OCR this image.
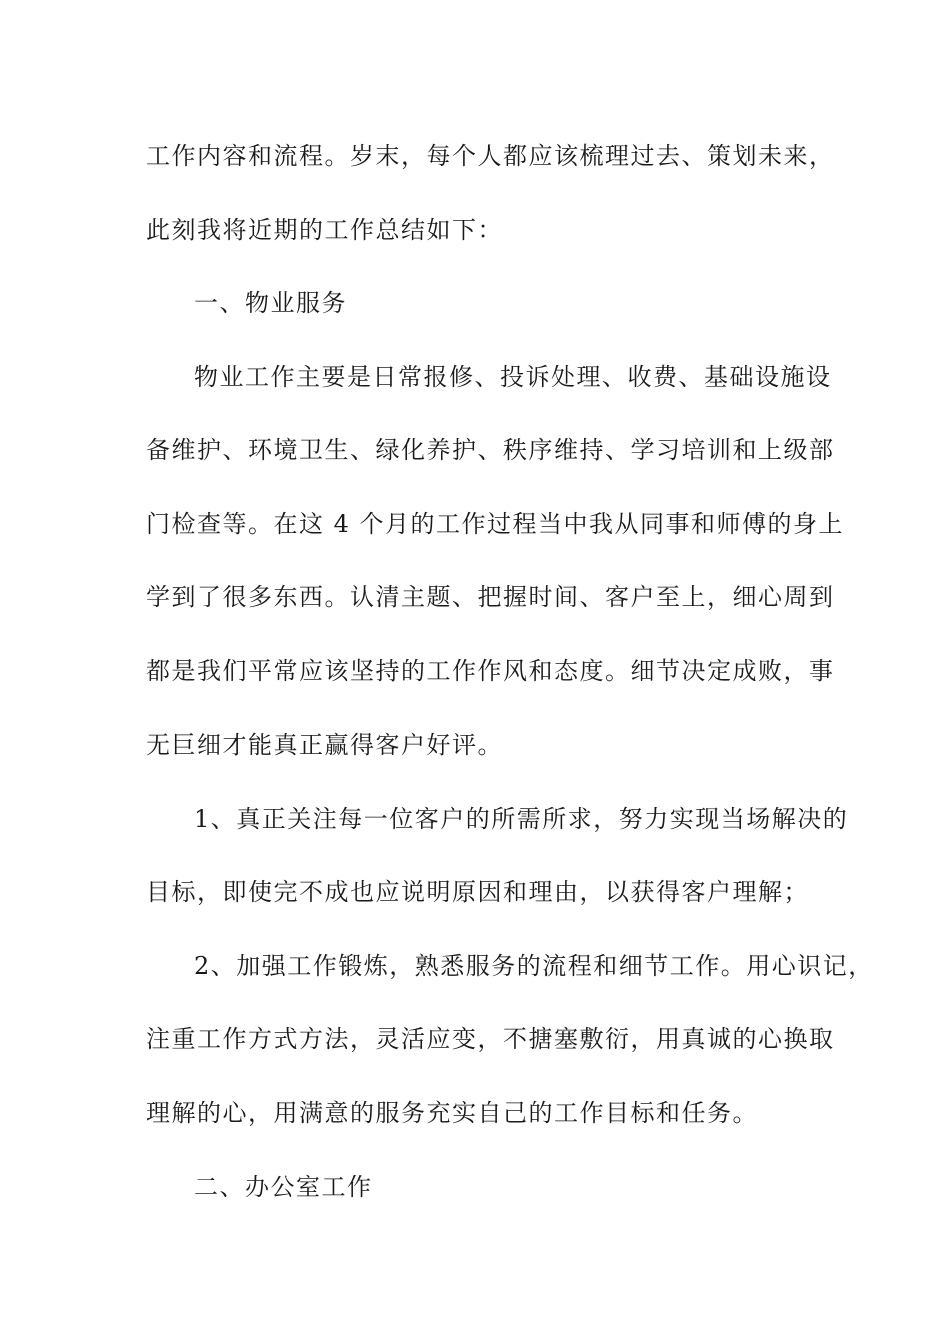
工作内容和流程。岁末，每个人都应该梳理过去、策划未来，
此刻我将近期的工作总结如下：
一、物业服务
物业工作主要是日常报修、投诉处理、收费、基础设施设
备维护、环境卫生、绿化养护、秩序维持、学习培训和上级部
门检查等。在这 4 个月的工作过程当中我从同事和师傅的身上
学到了很多东西。认清主题、把握时间、客户至上，细心周到
都是我们平常应该坚持的工作作风和态度。细节决定成败，事
无巨细才能真正赢得客户好评。
1、真正关注每一位客户的所需所求，努力实现当场解决的
目标，即使完不成也应说明原因和理由，以获得客户理解；
2、加强工作锻炼，熟悉服务的流程和细节工作。用心识记，
注重工作方式方法，灵活应变，不搪塞敷衍，用真诚的心换取
理解的心，用满意的服务充实自己的工作目标和任务。
二、办公室工作
